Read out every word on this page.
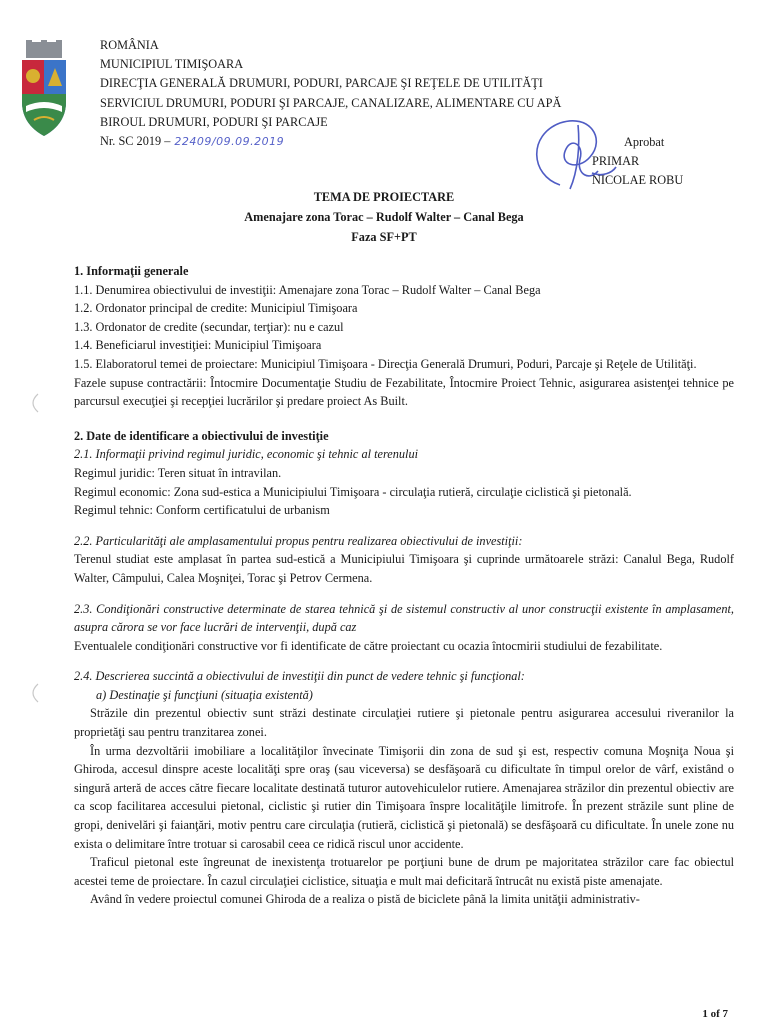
ROMÂNIA
MUNICIPIUL TIMIŞOARA
DIRECŢIA GENERALĂ DRUMURI, PODURI, PARCAJE ŞI REŢELE DE UTILITĂŢI
SERVICIUL DRUMURI, PODURI ŞI PARCAJE, CANALIZARE, ALIMENTARE CU APĂ
BIROUL DRUMURI, PODURI ŞI PARCAJE
Nr. SC 2019 – 22409/09.09.2019	Aprobat
PRIMAR
NICOLAE ROBU
TEMA DE PROIECTARE
Amenajare zona Torac – Rudolf Walter – Canal Bega
Faza SF+PT

1. Informaţii generale

1.1. Denumirea obiectivului de investiţii: Amenajare zona Torac – Rudolf Walter – Canal Bega

1.2. Ordonator principal de credite: Municipiul Timişoara

1.3. Ordonator de credite (secundar, terţiar): nu e cazul

1.4. Beneficiarul investiţiei: Municipiul Timişoara

1.5. Elaboratorul temei de proiectare: Municipiul Timişoara - Direcţia Generală Drumuri, Poduri, Parcaje şi Reţele de Utilităţi.

Fazele supuse contractării: Întocmire Documentaţie Studiu de Fezabilitate, Întocmire Proiect Tehnic, asigurarea asistenţei tehnice pe parcursul execuţiei şi recepţiei lucrărilor şi predare proiect As Built.

2. Date de identificare a obiectivului de investiţie

2.1. Informaţii privind regimul juridic, economic şi tehnic al terenului

Regimul juridic: Teren situat în intravilan.

Regimul economic: Zona sud-estica a Municipiului Timişoara - circulaţia rutieră, circulaţie ciclistică şi pietonală.

Regimul tehnic: Conform certificatului de urbanism

2.2. Particularităţi ale amplasamentului propus pentru realizarea obiectivului de investiţii:

Terenul studiat este amplasat în partea sud-estică a Municipiului Timişoara şi cuprinde următoarele străzi: Canalul Bega, Rudolf Walter, Câmpului, Calea Moşniţei, Torac şi Petrov Cermena.

2.3. Condiţionări constructive determinate de starea tehnică şi de sistemul constructiv al unor construcţii existente în amplasament, asupra cărora se vor face lucrări de intervenţii, după caz

Eventualele condiţionări constructive vor fi identificate de către proiectant cu ocazia întocmirii studiului de fezabilitate.

2.4. Descrierea succintă a obiectivului de investiţii din punct de vedere tehnic şi funcţional:

a) Destinaţie şi funcţiuni (situaţia existentă)

Străzile din prezentul obiectiv sunt străzi destinate circulaţiei rutiere şi pietonale pentru asigurarea accesului riveranilor la proprietăţi sau pentru tranzitarea zonei.

În urma dezvoltării imobiliare a localităţilor învecinate Timişorii din zona de sud şi est, respectiv comuna Moşniţa Noua şi Ghiroda, accesul dinspre aceste localităţi spre oraş (sau viceversa) se desfăşoară cu dificultate în timpul orelor de vârf, existând o singură arteră de acces către fiecare localitate destinată tuturor autovehiculelor rutiere. Amenajarea străzilor din prezentul obiectiv are ca scop facilitarea accesului pietonal, ciclistic şi rutier din Timişoara înspre localităţile limitrofe. În prezent străzile sunt pline de gropi, denivelări şi faianţări, motiv pentru care circulaţia (rutieră, ciclistică şi pietonală) se desfăşoară cu dificultate. În unele zone nu exista o delimitare între trotuar si carosabil ceea ce ridică riscul unor accidente.

Traficul pietonal este îngreunat de inexistenţa trotuarelor pe porţiuni bune de drum pe majoritatea străzilor care fac obiectul acestei teme de proiectare. În cazul circulaţiei ciclistice, situaţia e mult mai deficitară întrucât nu există piste amenajate.

Având în vedere proiectul comunei Ghiroda de a realiza o pistă de biciclete până la limita unităţii administrativ-

1 of 7
